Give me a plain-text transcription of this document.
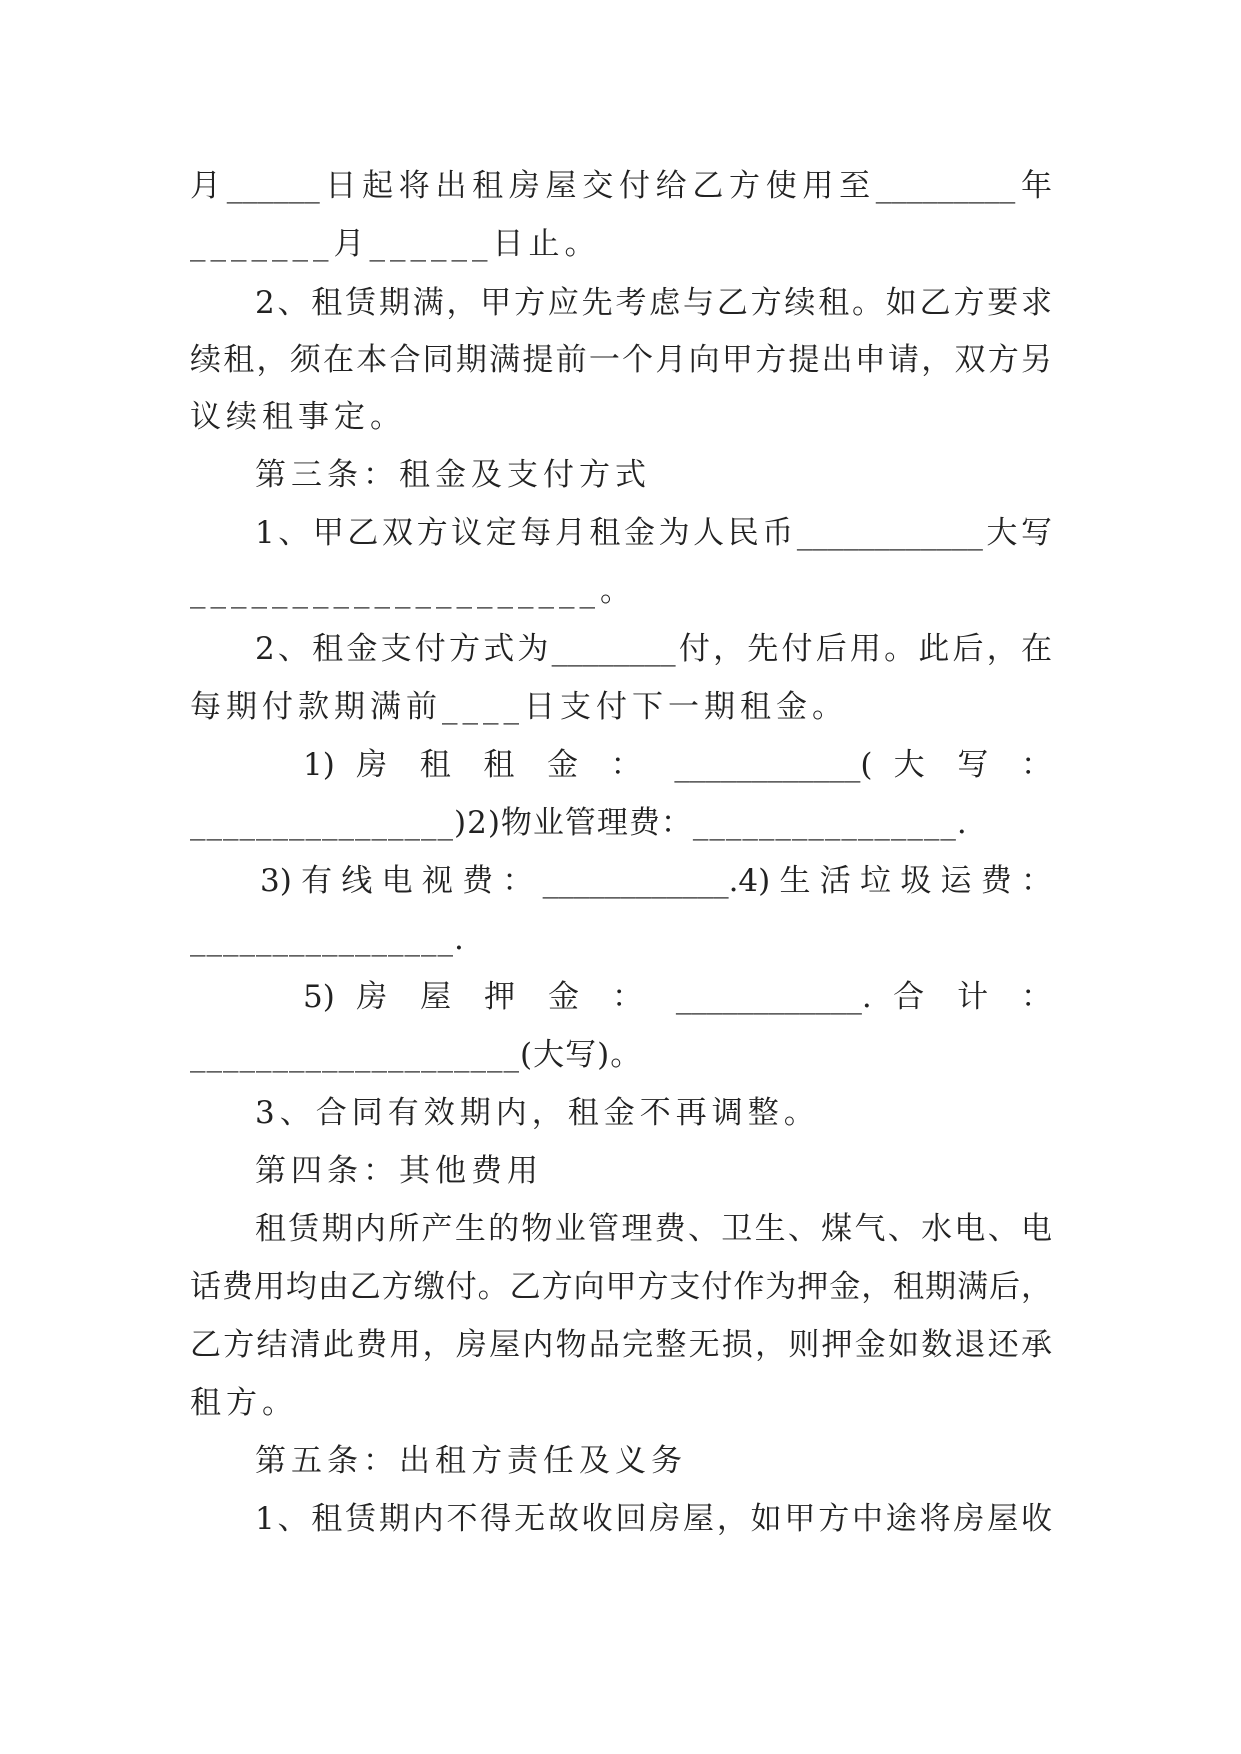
月______日起将出租房屋交付给乙方使用至_________年
_______月______日止。
2、租赁期满，甲方应先考虑与乙方续租。如乙方要求
续租，须在本合同期满提前一个月向甲方提出申请，双方另
议续租事定。
第三条：租金及支付方式
1、甲乙双方议定每月租金为人民币____________大写
____________________。
2、租金支付方式为________付，先付后用。此后，在
每期付款期满前____日支付下一期租金。
1) 房 租 租 金 ： ____________( 大 写 ：
________________)2)物业管理费：________________.
3)有线电视费：____________.4)生活垃圾运费：
________________.
5) 房 屋 押 金 ： ____________. 合 计 ：
____________________(大写)。
3、合同有效期内，租金不再调整。
第四条：其他费用
租赁期内所产生的物业管理费、卫生、煤气、水电、电
话费用均由乙方缴付。乙方向甲方支付作为押金，租期满后，
乙方结清此费用，房屋内物品完整无损，则押金如数退还承
租方。
第五条：出租方责任及义务
1、租赁期内不得无故收回房屋，如甲方中途将房屋收
